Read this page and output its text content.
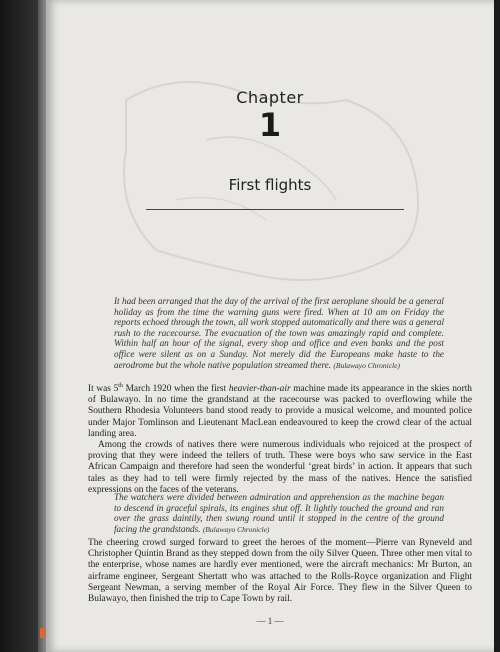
Chapter
1
First flights
It had been arranged that the day of the arrival of the first aeroplane should be a general holiday as from the time the warning guns were fired. When at 10 am on Friday the reports echoed through the town, all work stopped automatically and there was a general rush to the racecourse. The evacuation of the town was amazingly rapid and complete. Within half an hour of the signal, every shop and office and even banks and the post office were silent as on a Sunday. Not merely did the Europeans make haste to the aerodrome but the whole native population streamed there. (Bulawayo Chronicle)

It was 5th March 1920 when the first heavier-than-air machine made its appearance in the skies north of Bulawayo. In no time the grandstand at the racecourse was packed to overflowing while the Southern Rhodesia Volunteers band stood ready to provide a musical welcome, and mounted police under Major Tomlinson and Lieutenant MacLean endeavoured to keep the crowd clear of the actual landing area.

Among the crowds of natives there were numerous individuals who rejoiced at the prospect of proving that they were indeed the tellers of truth. These were boys who saw service in the East African Campaign and therefore had seen the wonderful ‘great birds’ in action. It appears that such tales as they had to tell were firmly rejected by the mass of the natives. Hence the satisfied expressions on the faces of the veterans.

The watchers were divided between admiration and apprehension as the machine began to descend in graceful spirals, its engines shut off. It lightly touched the ground and ran over the grass daintily, then swung round until it stopped in the centre of the ground facing the grandstands. (Bulawayo Chronicle)

The cheering crowd surged forward to greet the heroes of the moment—Pierre van Ryneveld and Christopher Quintin Brand as they stepped down from the oily Silver Queen. Three other men vital to the enterprise, whose names are hardly ever mentioned, were the aircraft mechanics: Mr Burton, an airframe engineer, Sergeant Shertatt who was attached to the Rolls-Royce organization and Flight Sergeant Newman, a serving member of the Royal Air Force. They flew in the Silver Queen to Bulawayo, then finished the trip to Cape Town by rail.

— 1 —
